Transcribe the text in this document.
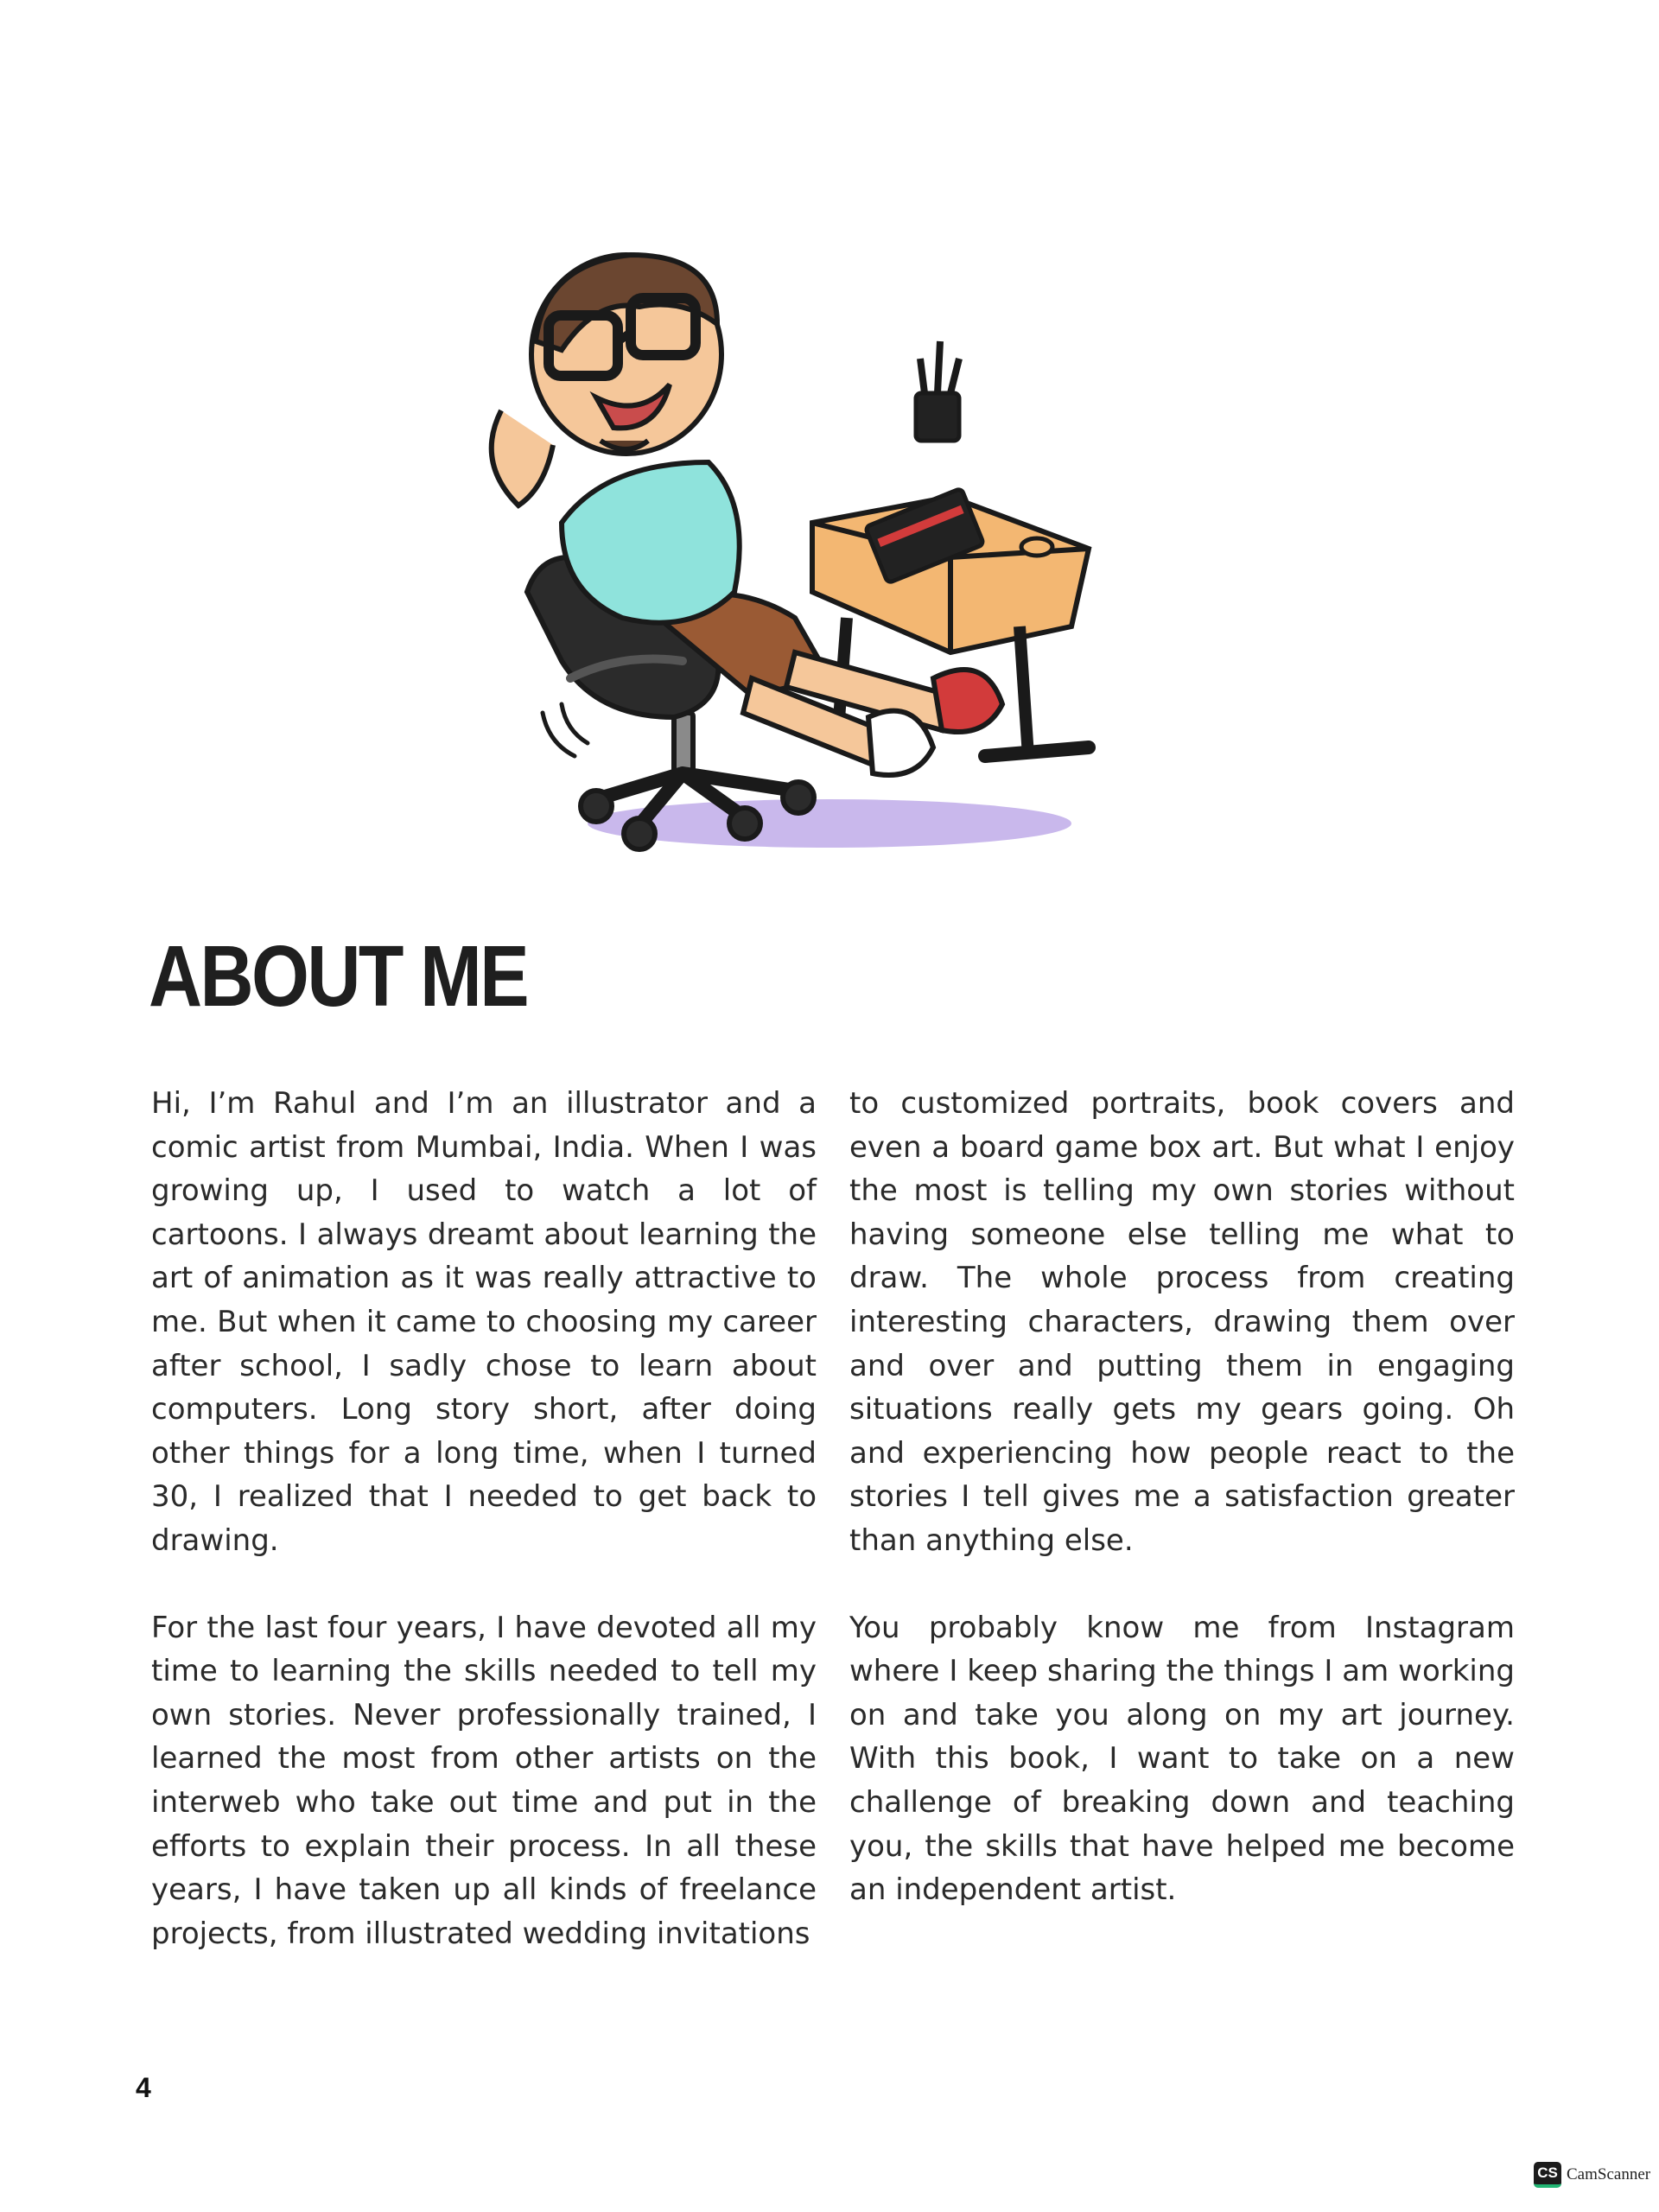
ABOUT ME

Hi, I’m Rahul and I’m an illustrator and a comic artist from Mumbai, India. When I was growing up, I used to watch a lot of cartoons. I always dreamt about learning the art of animation as it was really attractive to me. But when it came to choosing my career after school, I sadly chose to learn about computers. Long story short, after doing other things for a long time, when I turned 30, I realized that I needed to get back to drawing.

For the last four years, I have devoted all my time to learning the skills needed to tell my own stories. Never professionally trained, I learned the most from other artists on the interweb who take out time and put in the efforts to explain their process. In all these years, I have taken up all kinds of freelance projects, from illustrated wedding invitations

to customized portraits, book covers and even a board game box art. But what I enjoy the most is telling my own stories without having someone else telling me what to draw. The whole process from creating interesting characters, drawing them over and over and putting them in engaging situations really gets my gears going. Oh and experiencing how people react to the stories I tell gives me a satisfaction greater than anything else.

You probably know me from Instagram where I keep sharing the things I am working on and take you along on my art journey. With this book, I want to take on a new challenge of breaking down and teaching you, the skills that have helped me become an independent artist.

4
CS CamScanner
